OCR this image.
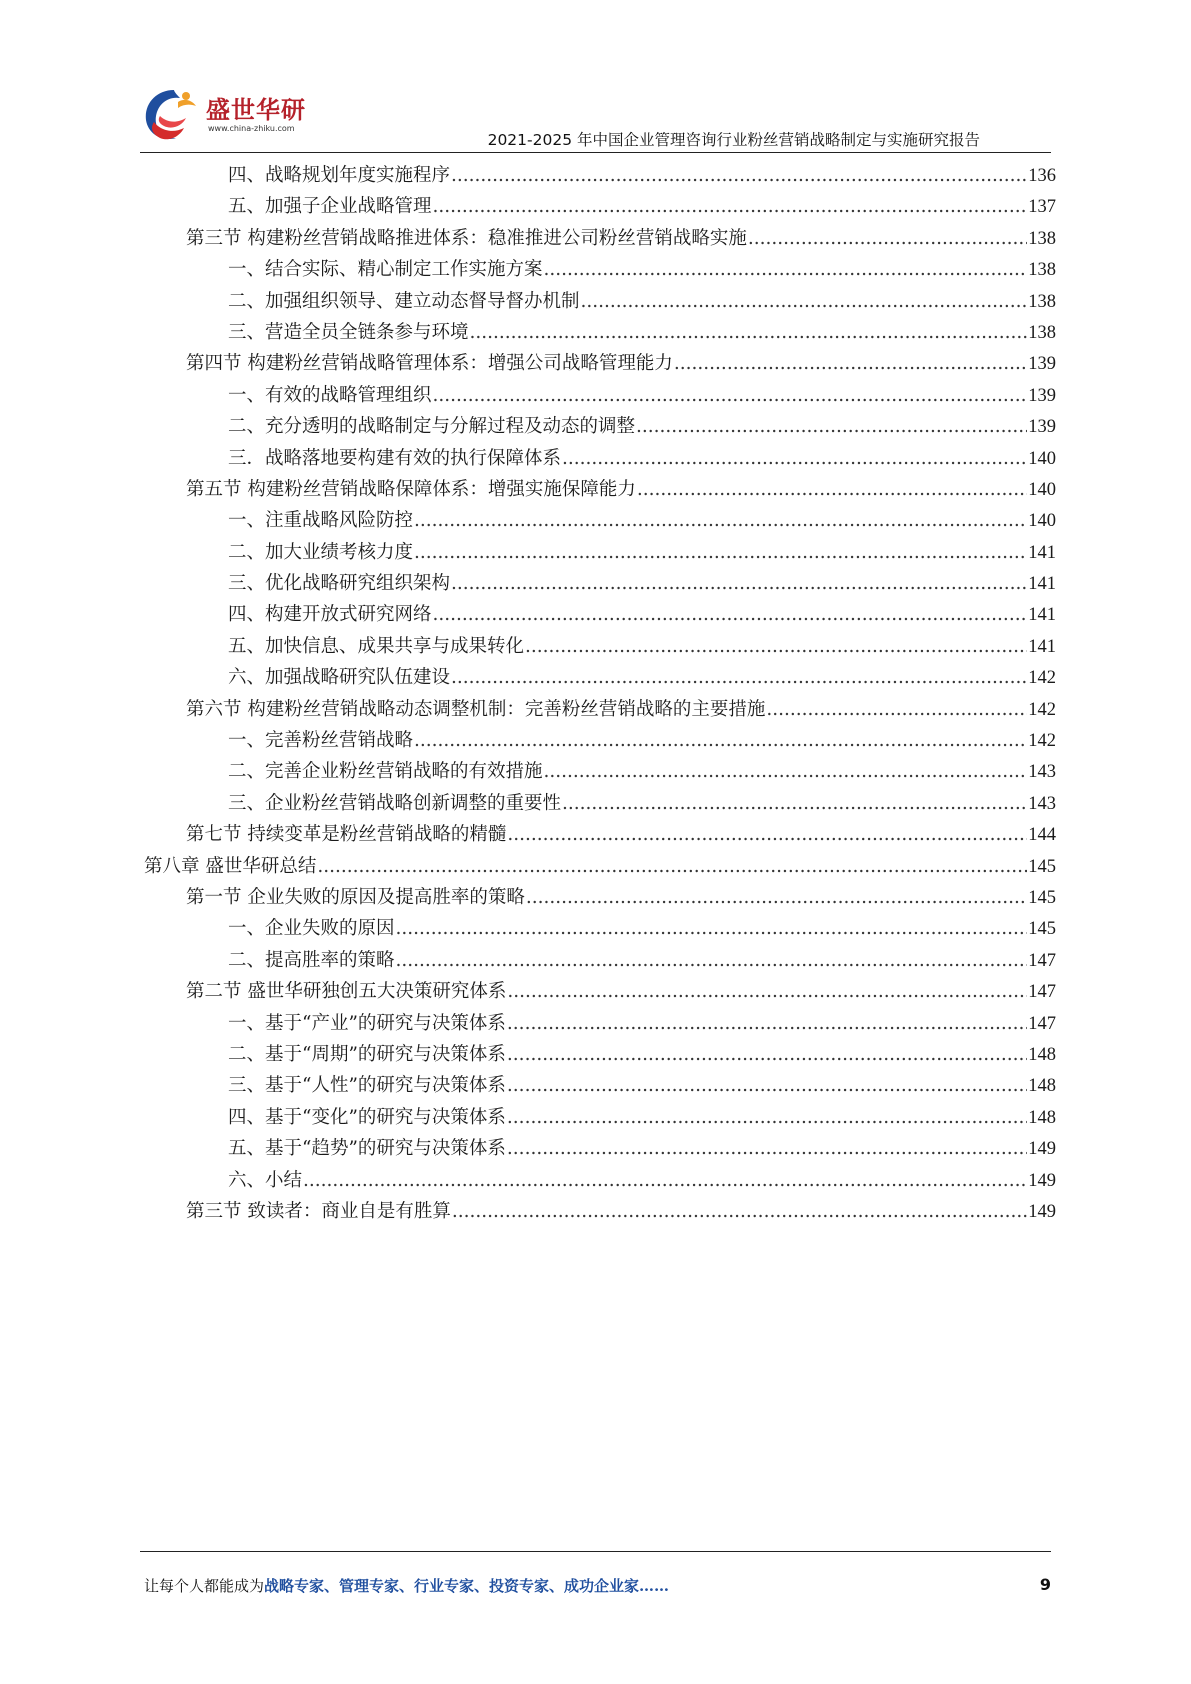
盛世华研
www.china-zhiku.com
2021-2025 年中国企业管理咨询行业粉丝营销战略制定与实施研究报告
四、战略规划年度实施程序 .....	136
五、加强子企业战略管理 .....	137
第三节 构建粉丝营销战略推进体系：稳准推进公司粉丝营销战略实施 .....	138
一、结合实际、精心制定工作实施方案 .....	138
二、加强组织领导、建立动态督导督办机制 .....	138
三、营造全员全链条参与环境 .....	138
第四节 构建粉丝营销战略管理体系：增强公司战略管理能力 .....	139
一、有效的战略管理组织 .....	139
二、充分透明的战略制定与分解过程及动态的调整 .....	139
三．战略落地要构建有效的执行保障体系 .....	140
第五节 构建粉丝营销战略保障体系：增强实施保障能力 .....	140
一、注重战略风险防控 .....	140
二、加大业绩考核力度 .....	141
三、优化战略研究组织架构 .....	141
四、构建开放式研究网络 .....	141
五、加快信息、成果共享与成果转化 .....	141
六、加强战略研究队伍建设 .....	142
第六节 构建粉丝营销战略动态调整机制：完善粉丝营销战略的主要措施 .....	142
一、完善粉丝营销战略 .....	142
二、完善企业粉丝营销战略的有效措施 .....	143
三、企业粉丝营销战略创新调整的重要性 .....	143
第七节 持续变革是粉丝营销战略的精髓 .....	144
第八章 盛世华研总结 .....	145
第一节 企业失败的原因及提高胜率的策略 .....	145
一、企业失败的原因 .....	145
二、提高胜率的策略 .....	147
第二节 盛世华研独创五大决策研究体系 .....	147
一、基于“产业”的研究与决策体系 .....	147
二、基于“周期”的研究与决策体系 .....	148
三、基于“人性”的研究与决策体系 .....	148
四、基于“变化”的研究与决策体系 .....	148
五、基于“趋势”的研究与决策体系 .....	149
六、小结 .....	149
第三节 致读者：商业自是有胜算 .....	149
让每个人都能成为战略专家、管理专家、行业专家、投资专家、成功企业家……	9
